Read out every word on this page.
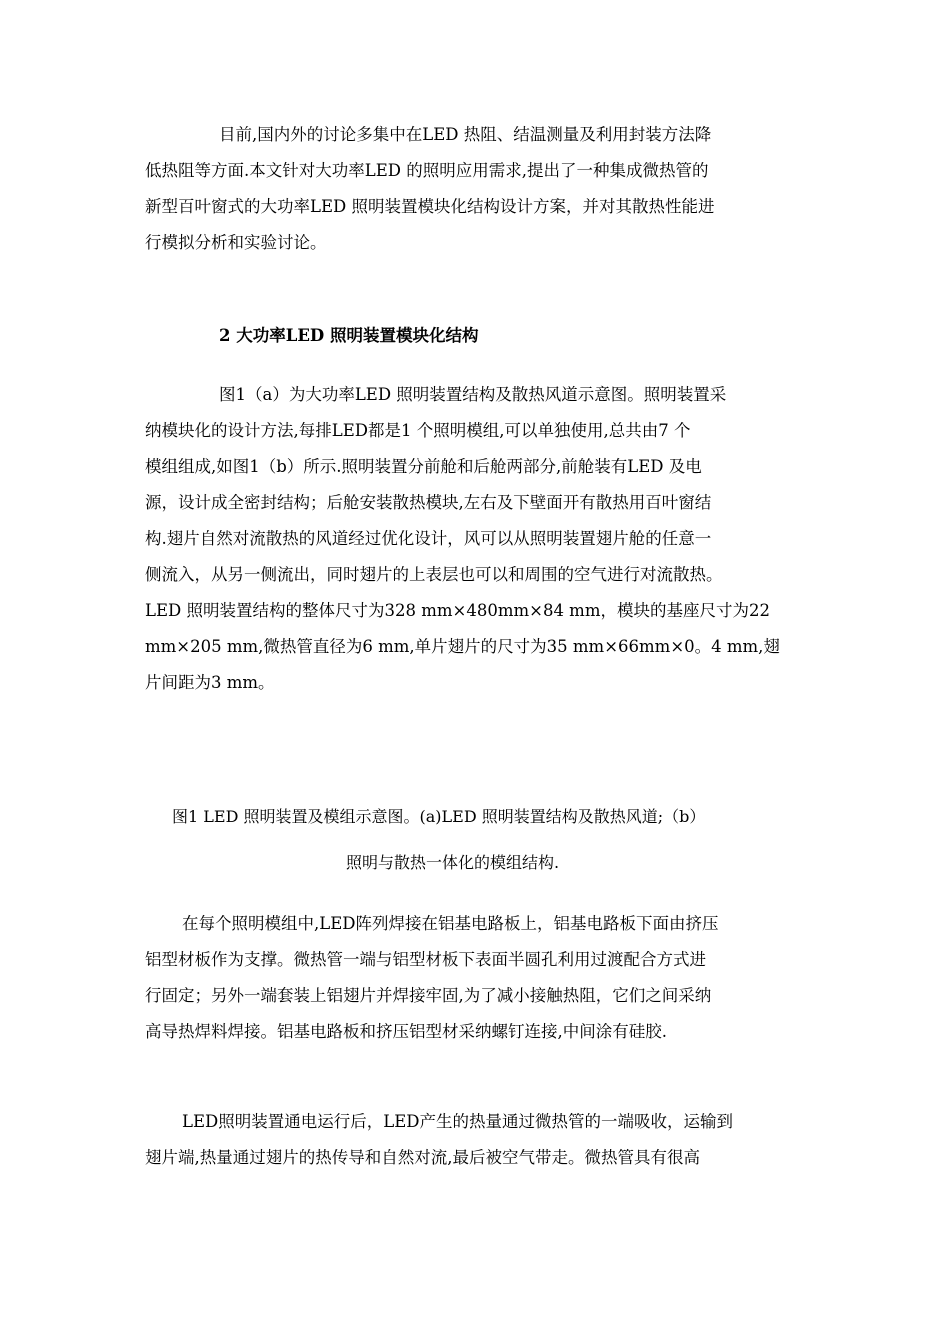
目前,国内外的讨论多集中在LED 热阻、结温测量及利用封装方法降
低热阻等方面.本文针对大功率LED 的照明应用需求,提出了一种集成微热管的
新型百叶窗式的大功率LED 照明装置模块化结构设计方案，并对其散热性能进
行模拟分析和实验讨论。
2 大功率LED 照明装置模块化结构
图1（a）为大功率LED 照明装置结构及散热风道示意图。照明装置采
纳模块化的设计方法,每排LED都是1 个照明模组,可以单独使用,总共由7 个
模组组成,如图1（b）所示.照明装置分前舱和后舱两部分,前舱装有LED 及电
源，设计成全密封结构；后舱安装散热模块,左右及下壁面开有散热用百叶窗结
构.翅片自然对流散热的风道经过优化设计，风可以从照明装置翅片舱的任意一
侧流入，从另一侧流出，同时翅片的上表层也可以和周围的空气进行对流散热。
LED 照明装置结构的整体尺寸为328 mm×480mm×84 mm，模块的基座尺寸为22
mm×205 mm,微热管直径为6 mm,单片翅片的尺寸为35 mm×66mm×0。4 mm,翅
片间距为3 mm。
图1 LED 照明装置及模组示意图。(a)LED 照明装置结构及散热风道;（b）
照明与散热一体化的模组结构.
在每个照明模组中,LED阵列焊接在铝基电路板上，铝基电路板下面由挤压
铝型材板作为支撑。微热管一端与铝型材板下表面半圆孔利用过渡配合方式进
行固定；另外一端套装上铝翅片并焊接牢固,为了减小接触热阻，它们之间采纳
高导热焊料焊接。铝基电路板和挤压铝型材采纳螺钉连接,中间涂有硅胶.
LED照明装置通电运行后，LED产生的热量通过微热管的一端吸收，运输到
翅片端,热量通过翅片的热传导和自然对流,最后被空气带走。微热管具有很高
